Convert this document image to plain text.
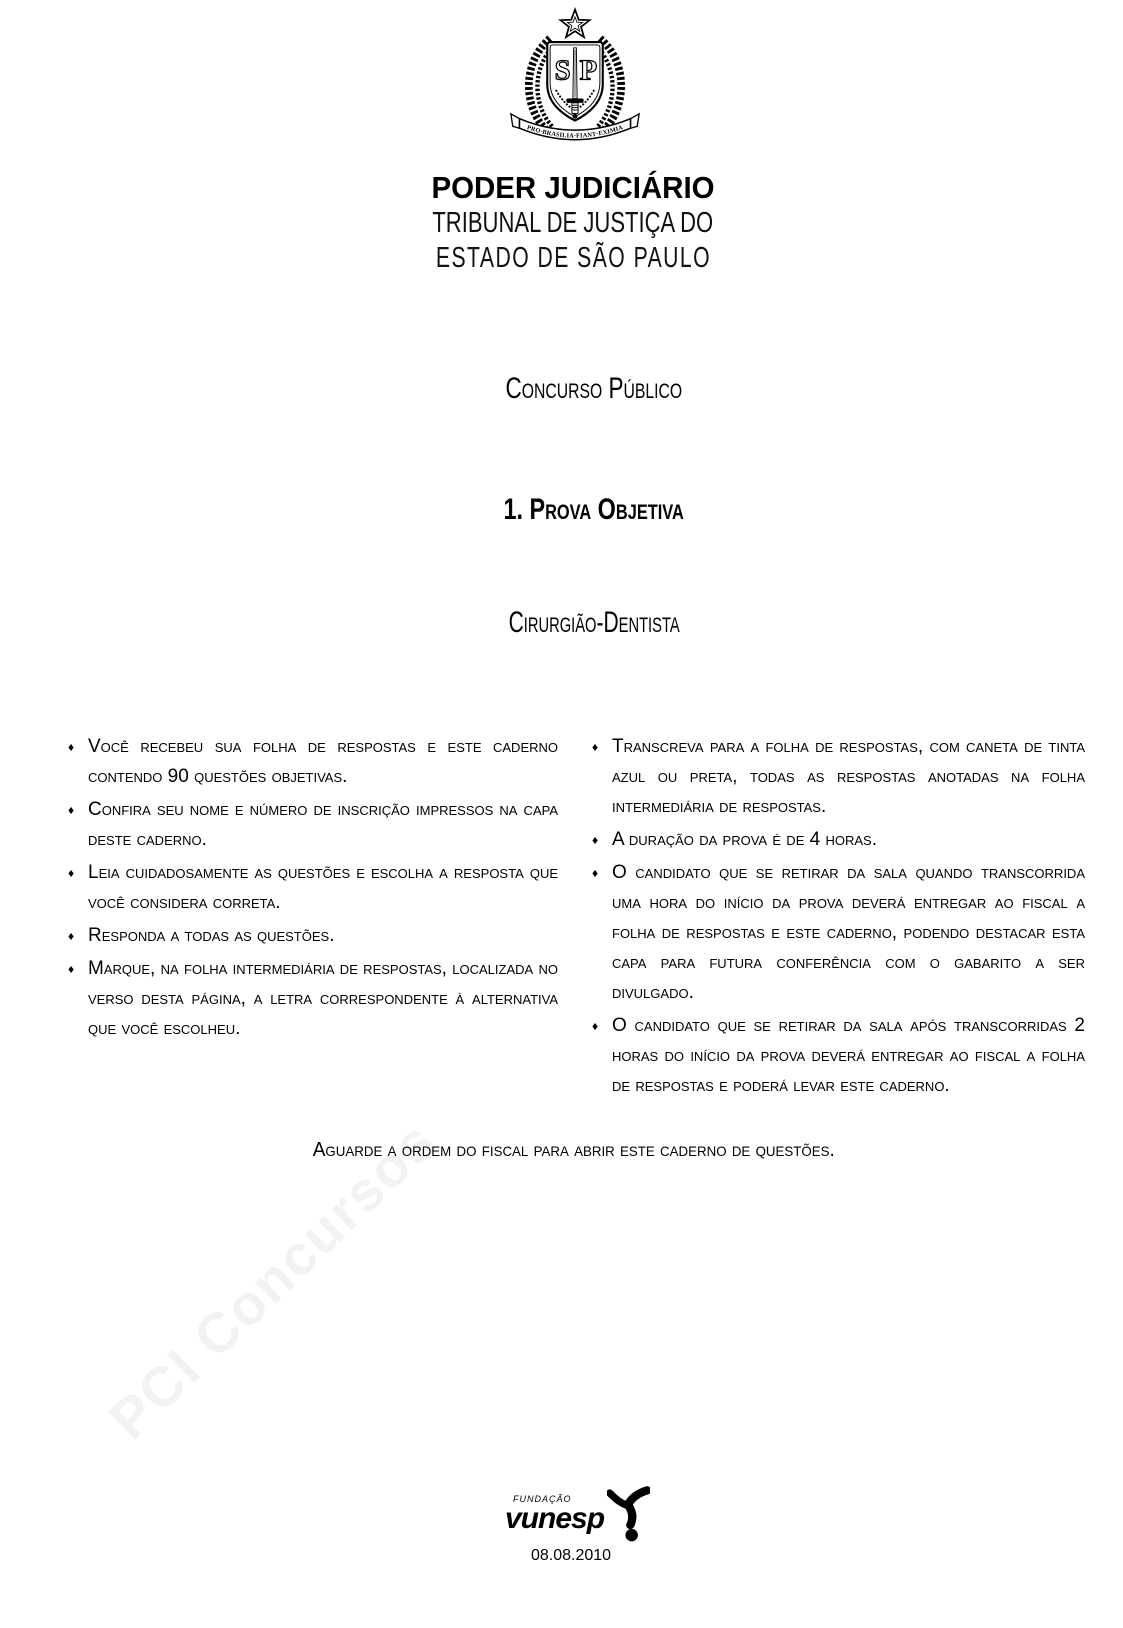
PCI Concursos
S P
PRO·BRASILIA·FIANT·EXIMIA
PODER JUDICIÁRIO
TRIBUNAL DE JUSTIÇA DO
ESTADO DE SÃO PAULO
Concurso Público
1. Prova Objetiva
Cirurgião-Dentista
♦ Você recebeu sua folha de respostas e este caderno contendo 90 questões objetivas.
♦ Confira seu nome e número de inscrição impressos na capa deste caderno.
♦ Leia cuidadosamente as questões e escolha a resposta que você considera correta.
♦ Responda a todas as questões.
♦ Marque, na folha intermediária de respostas, localizada no verso desta página, a letra correspondente à alternativa que você escolheu.
♦ Transcreva para a folha de respostas, com caneta de tinta azul ou preta, todas as respostas anotadas na folha intermediária de respostas.
♦ A duração da prova é de 4 horas.
♦ O candidato que se retirar da sala quando transcorrida uma hora do início da prova deverá entregar ao fiscal a folha de respostas e este caderno, podendo destacar esta capa para futura conferência com o gabarito a ser divulgado.
♦ O candidato que se retirar da sala após transcorridas 2 horas do início da prova deverá entregar ao fiscal a folha de respostas e poderá levar este caderno.
Aguarde a ordem do fiscal para abrir este caderno de questões.
FUNDAÇÃO
vunesp
08.08.2010
